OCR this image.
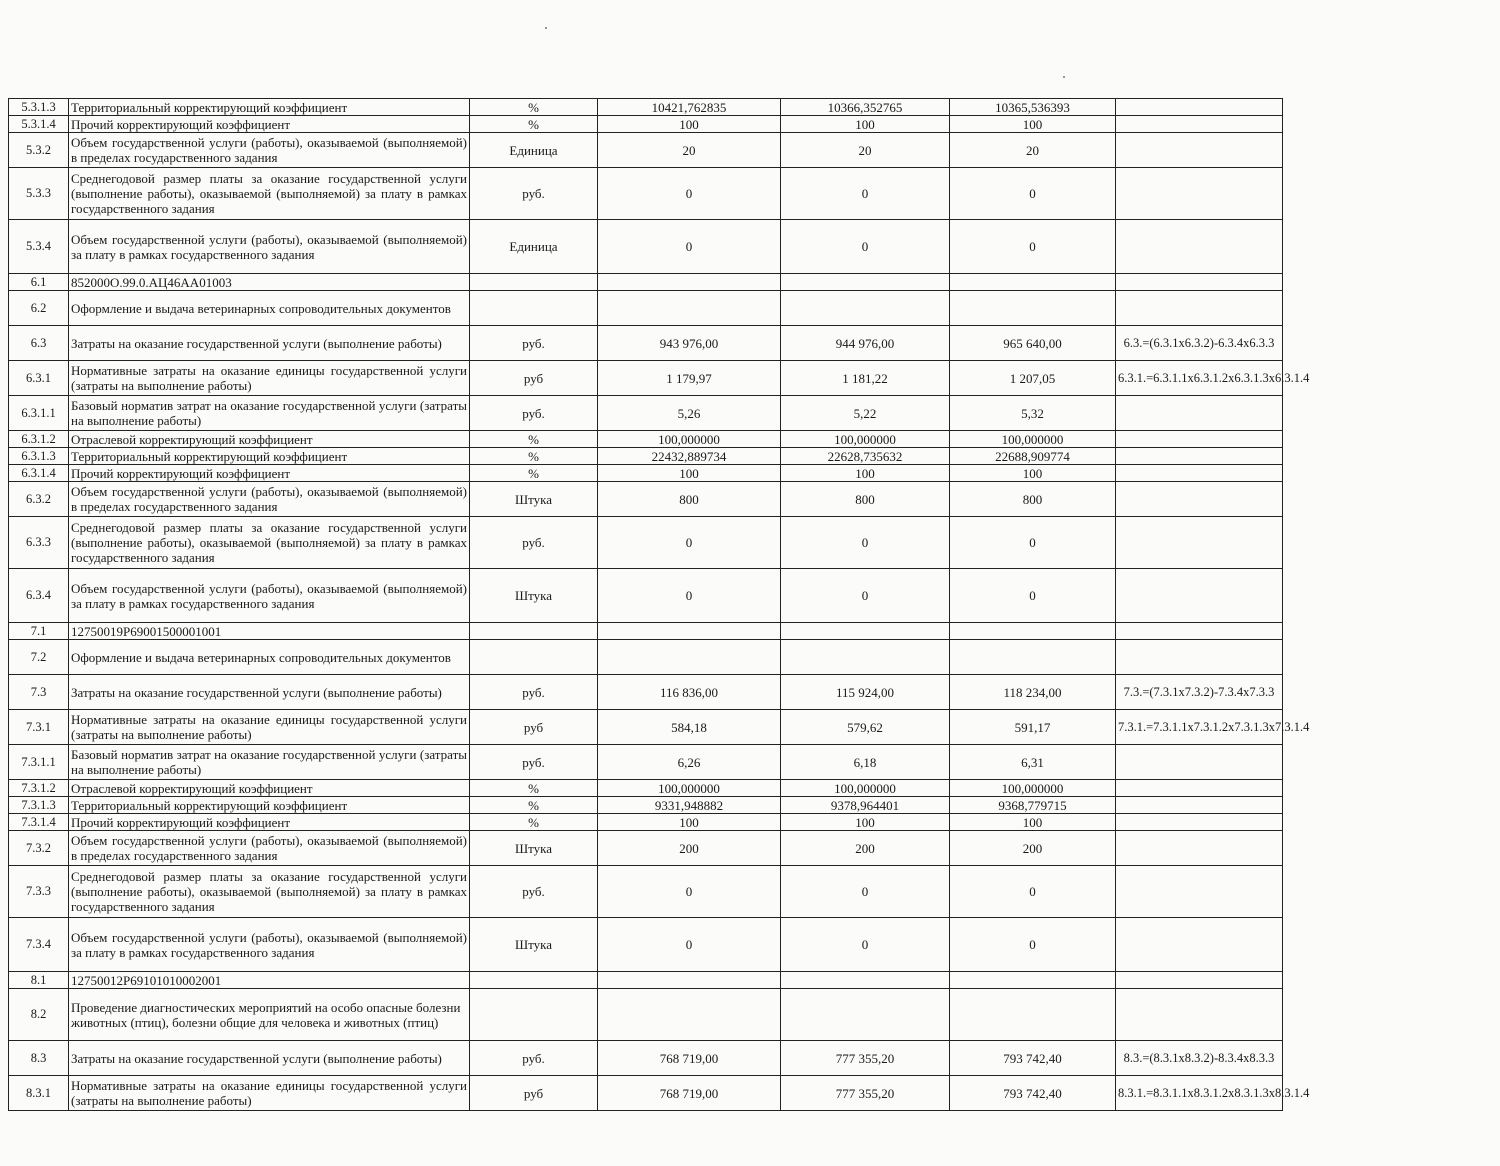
5.3.1.3	Территориальный корректирующий коэффициент	%	10421,762835	10366,352765	10365,536393	
5.3.1.4	Прочий корректирующий коэффициент	%	100	100	100	
5.3.2	Объем государственной услуги (работы), оказываемой (выполняемой) в пределах государственного задания	Единица	20	20	20	
5.3.3	Среднегодовой размер платы за оказание государственной услуги (выполнение работы), оказываемой (выполняемой) за плату в рамках государственного задания	руб.	0	0	0	
5.3.4	Объем государственной услуги (работы), оказываемой (выполняемой) за плату в рамках государственного задания	Единица	0	0	0	
6.1	852000О.99.0.АЦ46АА01003					
6.2	Оформление и выдача ветеринарных сопроводительных документов					
6.3	Затраты на оказание государственной услуги (выполнение работы)	руб.	943 976,00	944 976,00	965 640,00	6.3.=(6.3.1х6.3.2)-6.3.4х6.3.3
6.3.1	Нормативные затраты на оказание единицы государственной услуги (затраты на выполнение работы)	руб	1 179,97	1 181,22	1 207,05	6.3.1.=6.3.1.1х6.3.1.2х6.3.1.3х6.3.1.4
6.3.1.1	Базовый норматив затрат на оказание государственной услуги (затраты на выполнение работы)	руб.	5,26	5,22	5,32	
6.3.1.2	Отраслевой корректирующий коэффициент	%	100,000000	100,000000	100,000000	
6.3.1.3	Территориальный корректирующий коэффициент	%	22432,889734	22628,735632	22688,909774	
6.3.1.4	Прочий корректирующий коэффициент	%	100	100	100	
6.3.2	Объем государственной услуги (работы), оказываемой (выполняемой) в пределах государственного задания	Штука	800	800	800	
6.3.3	Среднегодовой размер платы за оказание государственной услуги (выполнение работы), оказываемой (выполняемой) за плату в рамках государственного задания	руб.	0	0	0	
6.3.4	Объем государственной услуги (работы), оказываемой (выполняемой) за плату в рамках государственного задания	Штука	0	0	0	
7.1	12750019Р69001500001001					
7.2	Оформление и выдача ветеринарных сопроводительных документов					
7.3	Затраты на оказание государственной услуги (выполнение работы)	руб.	116 836,00	115 924,00	118 234,00	7.3.=(7.3.1х7.3.2)-7.3.4х7.3.3
7.3.1	Нормативные затраты на оказание единицы государственной услуги (затраты на выполнение работы)	руб	584,18	579,62	591,17	7.3.1.=7.3.1.1х7.3.1.2х7.3.1.3х7.3.1.4
7.3.1.1	Базовый норматив затрат на оказание государственной услуги (затраты на выполнение работы)	руб.	6,26	6,18	6,31	
7.3.1.2	Отраслевой корректирующий коэффициент	%	100,000000	100,000000	100,000000	
7.3.1.3	Территориальный корректирующий коэффициент	%	9331,948882	9378,964401	9368,779715	
7.3.1.4	Прочий корректирующий коэффициент	%	100	100	100	
7.3.2	Объем государственной услуги (работы), оказываемой (выполняемой) в пределах государственного задания	Штука	200	200	200	
7.3.3	Среднегодовой размер платы за оказание государственной услуги (выполнение работы), оказываемой (выполняемой) за плату в рамках государственного задания	руб.	0	0	0	
7.3.4	Объем государственной услуги (работы), оказываемой (выполняемой) за плату в рамках государственного задания	Штука	0	0	0	
8.1	12750012Р69101010002001					
8.2	Проведение диагностических мероприятий на особо опасные болезни животных (птиц), болезни общие для человека и животных (птиц)					
8.3	Затраты на оказание государственной услуги (выполнение работы)	руб.	768 719,00	777 355,20	793 742,40	8.3.=(8.3.1х8.3.2)-8.3.4х8.3.3
8.3.1	Нормативные затраты на оказание единицы государственной услуги (затраты на выполнение работы)	руб	768 719,00	777 355,20	793 742,40	8.3.1.=8.3.1.1х8.3.1.2х8.3.1.3х8.3.1.4
